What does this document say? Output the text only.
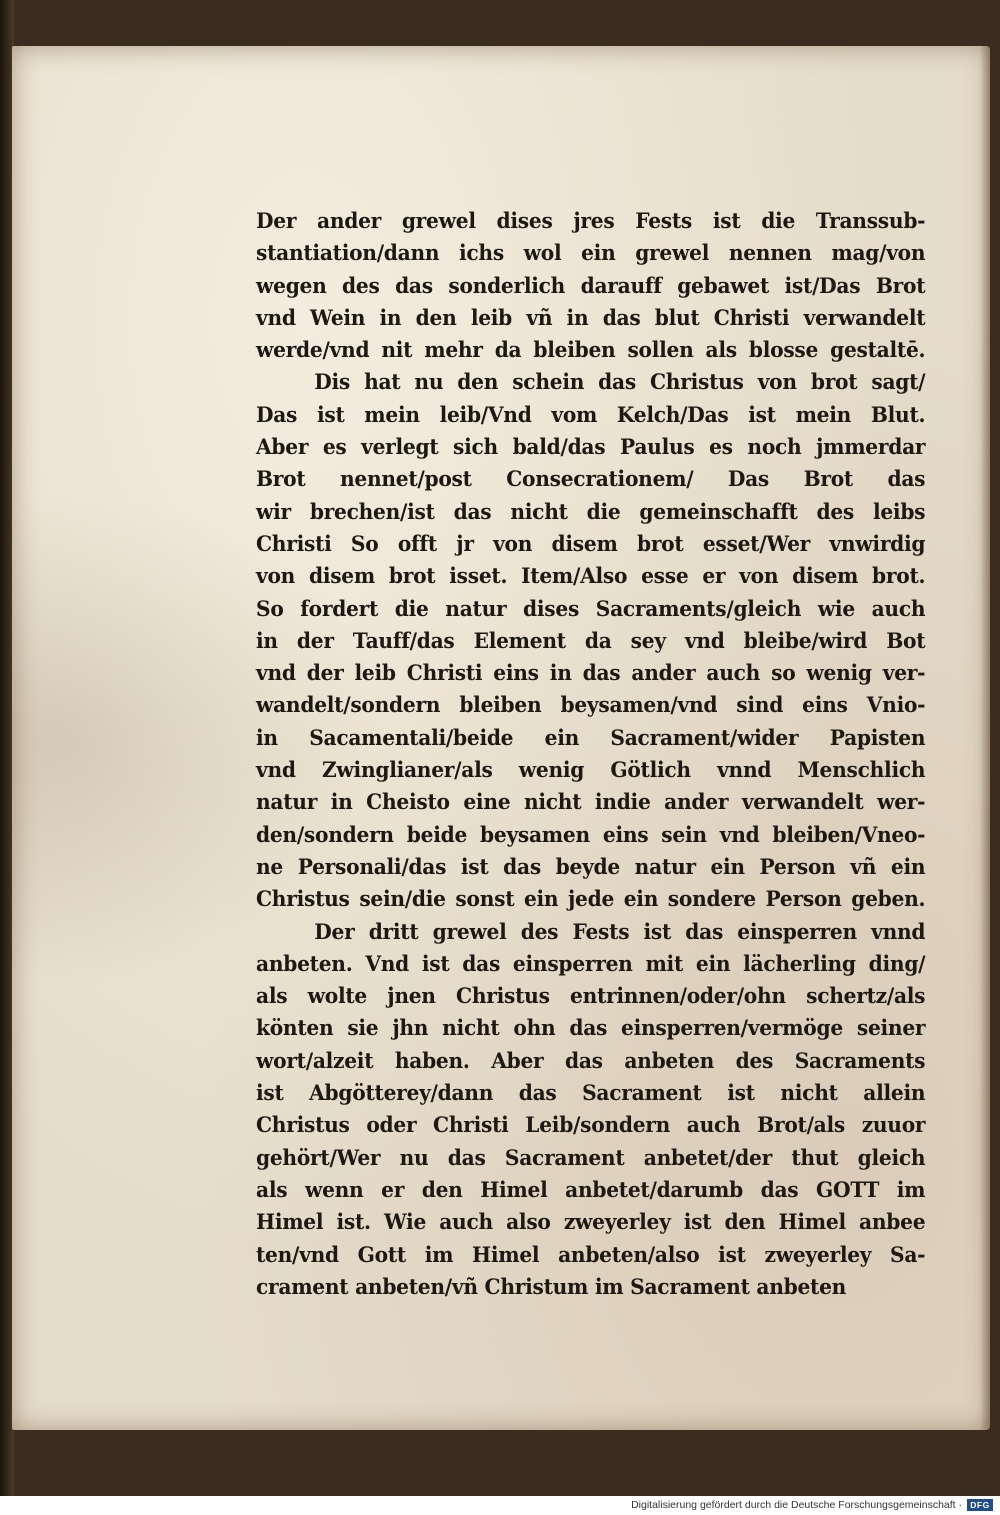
Der ander grewel dises jres Fests ist die Transsub-
stantiation/dann ichs wol ein grewel nennen mag/von
wegen des das sonderlich darauff gebawet ist/Das Brot
vnd Wein in den leib vñ in das blut Christi verwandelt
werde/vnd nit mehr da bleiben sollen als blosse gestaltē.
Dis hat nu den schein das Christus von brot sagt/
Das ist mein leib/Vnd vom Kelch/Das ist mein Blut.
Aber es verlegt sich bald/das Paulus es noch jmmerdar
Brot nennet/post Consecrationem/ Das Brot das
wir brechen/ist das nicht die gemeinschafft des leibs
Christi So offt jr von disem brot esset/Wer vnwirdig
von disem brot isset. Item/Also esse er von disem brot.
So fordert die natur dises Sacraments/gleich wie auch
in der Tauff/das Element da sey vnd bleibe/wird Bot
vnd der leib Christi eins in das ander auch so wenig ver-
wandelt/sondern bleiben beysamen/vnd sind eins Vnio-
in Sacamentali/beide ein Sacrament/wider Papisten
vnd Zwinglianer/als wenig Götlich vnnd Menschlich
natur in Cheisto eine nicht indie ander verwandelt wer-
den/sondern beide beysamen eins sein vnd bleiben/Vneo-
ne Personali/das ist das beyde natur ein Person vñ ein
Christus sein/die sonst ein jede ein sondere Person geben.
Der dritt grewel des Fests ist das einsperren vnnd
anbeten. Vnd ist das einsperren mit ein lächerling ding/
als wolte jnen Christus entrinnen/oder/ohn schertz/als
könten sie jhn nicht ohn das einsperren/vermöge seiner
wort/alzeit haben. Aber das anbeten des Sacraments
ist Abgötterey/dann das Sacrament ist nicht allein
Christus oder Christi Leib/sondern auch Brot/als zuuor
gehört/Wer nu das Sacrament anbetet/der thut gleich
als wenn er den Himel anbetet/darumb das GOTT im
Himel ist. Wie auch also zweyerley ist den Himel anbee
ten/vnd Gott im Himel anbeten/also ist zweyerley Sa-
crament anbeten/vñ Christum im Sacrament anbeten
Digitalisierung gefördert durch die Deutsche Forschungsgemeinschaft · DFG
